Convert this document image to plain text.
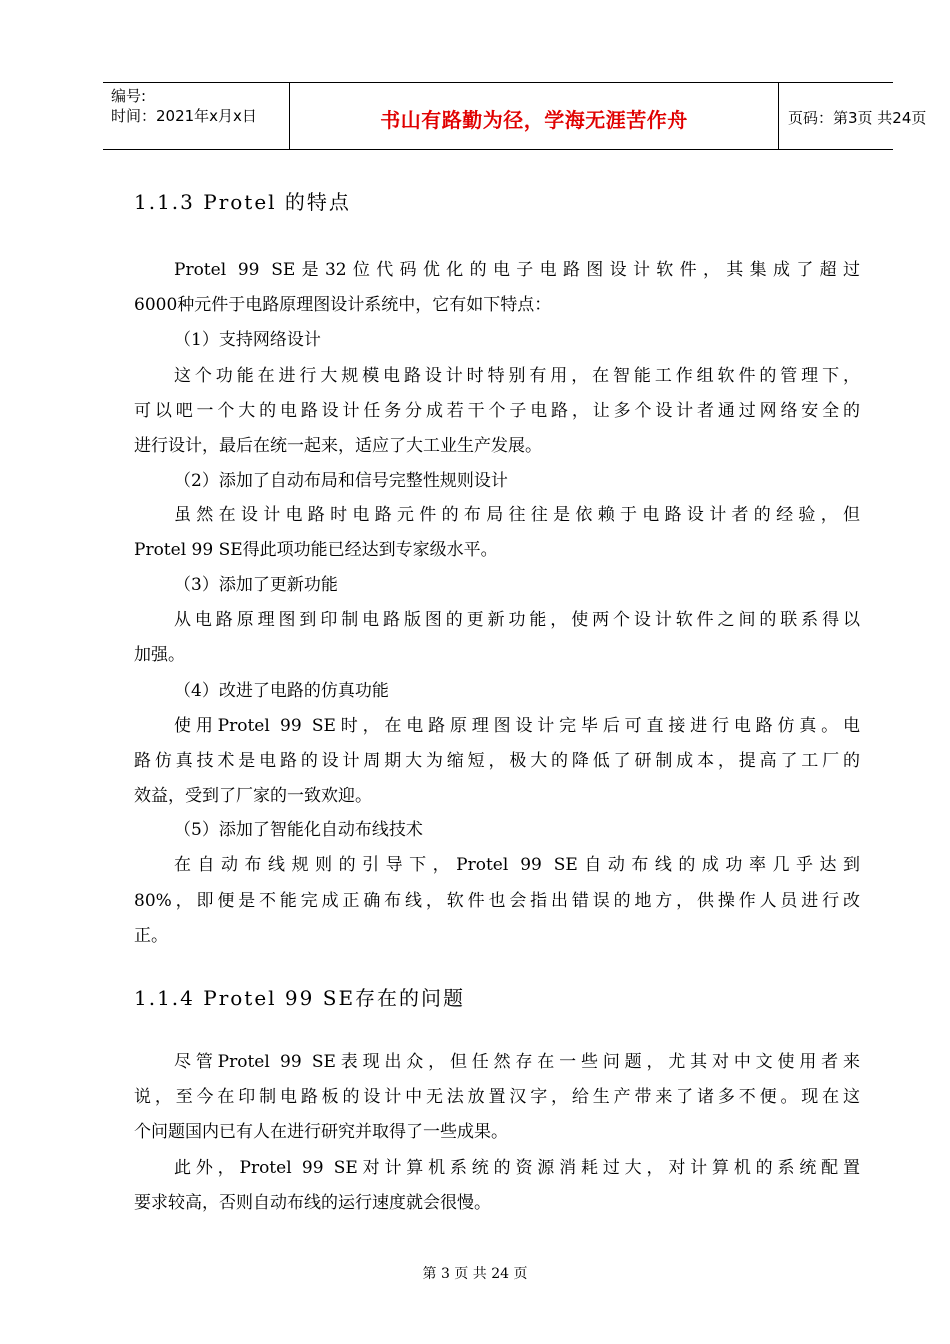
编号:
时间：2021年x月x日	书山有路勤为径，学海无涯苦作舟	页码：第3页 共24页
1.1.3 Protel 的特点
Protel 99 SE是32位代码优化的电子电路图设计软件，其集成了超过
6000种元件于电路原理图设计系统中，它有如下特点：
（1）支持网络设计
这个功能在进行大规模电路设计时特别有用，在智能工作组软件的管理下，
可以吧一个大的电路设计任务分成若干个子电路，让多个设计者通过网络安全的
进行设计，最后在统一起来，适应了大工业生产发展。
（2）添加了自动布局和信号完整性规则设计
虽然在设计电路时电路元件的布局往往是依赖于电路设计者的经验，但
Protel 99 SE得此项功能已经达到专家级水平。
（3）添加了更新功能
从电路原理图到印制电路版图的更新功能，使两个设计软件之间的联系得以
加强。
（4）改进了电路的仿真功能
使用Protel 99 SE时，在电路原理图设计完毕后可直接进行电路仿真。电
路仿真技术是电路的设计周期大为缩短，极大的降低了研制成本，提高了工厂的
效益，受到了厂家的一致欢迎。
（5）添加了智能化自动布线技术
在自动布线规则的引导下，Protel 99 SE自动布线的成功率几乎达到
80%，即便是不能完成正确布线，软件也会指出错误的地方，供操作人员进行改
正。
1.1.4 Protel 99 SE存在的问题
尽管Protel 99 SE表现出众，但任然存在一些问题，尤其对中文使用者来
说，至今在印制电路板的设计中无法放置汉字，给生产带来了诸多不便。现在这
个问题国内已有人在进行研究并取得了一些成果。
此外，Protel 99 SE对计算机系统的资源消耗过大，对计算机的系统配置
要求较高，否则自动布线的运行速度就会很慢。
第 3 页 共 24 页
